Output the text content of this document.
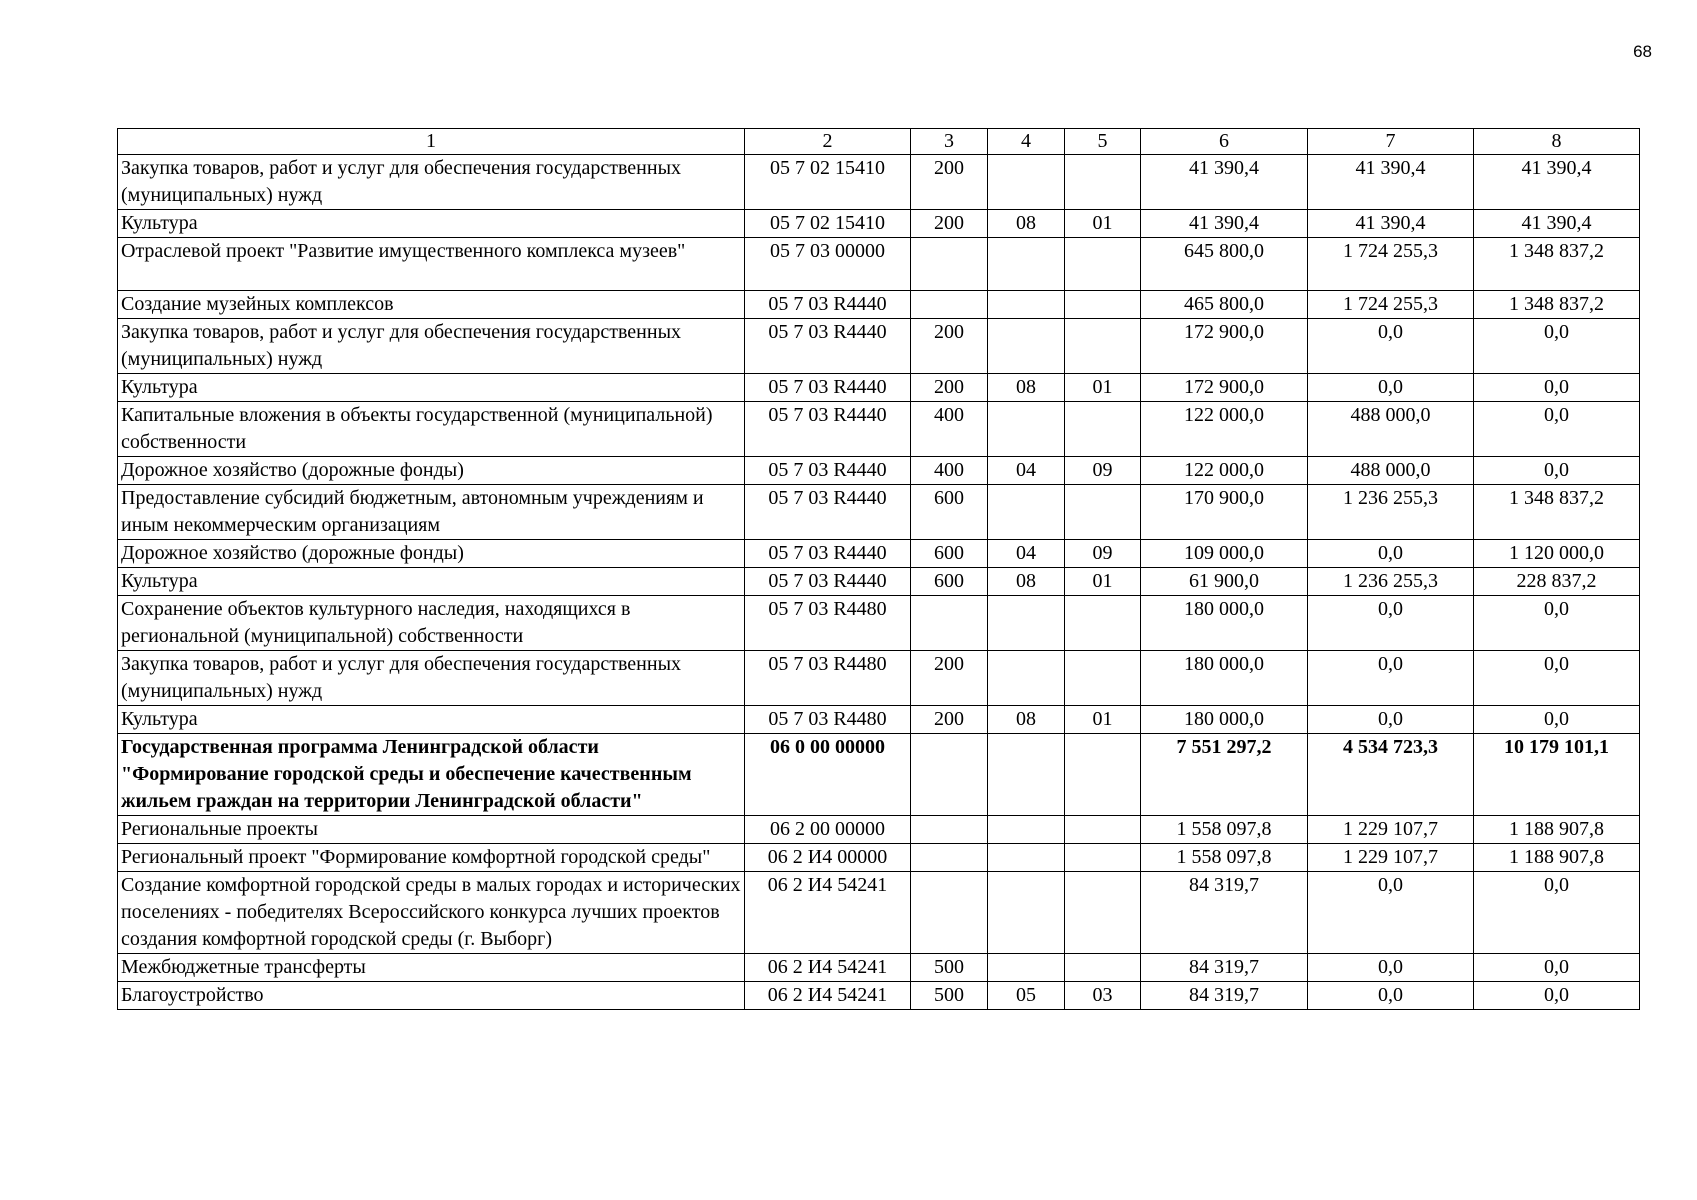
68
1	2	3	4	5	6	7	8
Закупка товаров, работ и услуг для обеспечения государственных (муниципальных) нужд	05 7 02 15410	200			41 390,4	41 390,4	41 390,4
Культура	05 7 02 15410	200	08	01	41 390,4	41 390,4	41 390,4
Отраслевой проект "Развитие имущественного комплекса музеев"	05 7 03 00000				645 800,0	1 724 255,3	1 348 837,2
Создание музейных комплексов	05 7 03 R4440				465 800,0	1 724 255,3	1 348 837,2
Закупка товаров, работ и услуг для обеспечения государственных (муниципальных) нужд	05 7 03 R4440	200			172 900,0	0,0	0,0
Культура	05 7 03 R4440	200	08	01	172 900,0	0,0	0,0
Капитальные вложения в объекты государственной (муниципальной) собственности	05 7 03 R4440	400			122 000,0	488 000,0	0,0
Дорожное хозяйство (дорожные фонды)	05 7 03 R4440	400	04	09	122 000,0	488 000,0	0,0
Предоставление субсидий бюджетным, автономным учреждениям и иным некоммерческим организациям	05 7 03 R4440	600			170 900,0	1 236 255,3	1 348 837,2
Дорожное хозяйство (дорожные фонды)	05 7 03 R4440	600	04	09	109 000,0	0,0	1 120 000,0
Культура	05 7 03 R4440	600	08	01	61 900,0	1 236 255,3	228 837,2
Сохранение объектов культурного наследия, находящихся в региональной (муниципальной) собственности	05 7 03 R4480				180 000,0	0,0	0,0
Закупка товаров, работ и услуг для обеспечения государственных (муниципальных) нужд	05 7 03 R4480	200			180 000,0	0,0	0,0
Культура	05 7 03 R4480	200	08	01	180 000,0	0,0	0,0
Государственная программа Ленинградской области "Формирование городской среды и обеспечение качественным жильем граждан на территории Ленинградской области"	06 0 00 00000				7 551 297,2	4 534 723,3	10 179 101,1
Региональные проекты	06 2 00 00000				1 558 097,8	1 229 107,7	1 188 907,8
Региональный проект "Формирование комфортной городской среды"	06 2 И4 00000				1 558 097,8	1 229 107,7	1 188 907,8
Создание комфортной городской среды в малых городах и исторических поселениях - победителях Всероссийского конкурса лучших проектов создания комфортной городской среды (г. Выборг)	06 2 И4 54241				84 319,7	0,0	0,0
Межбюджетные трансферты	06 2 И4 54241	500			84 319,7	0,0	0,0
Благоустройство	06 2 И4 54241	500	05	03	84 319,7	0,0	0,0
